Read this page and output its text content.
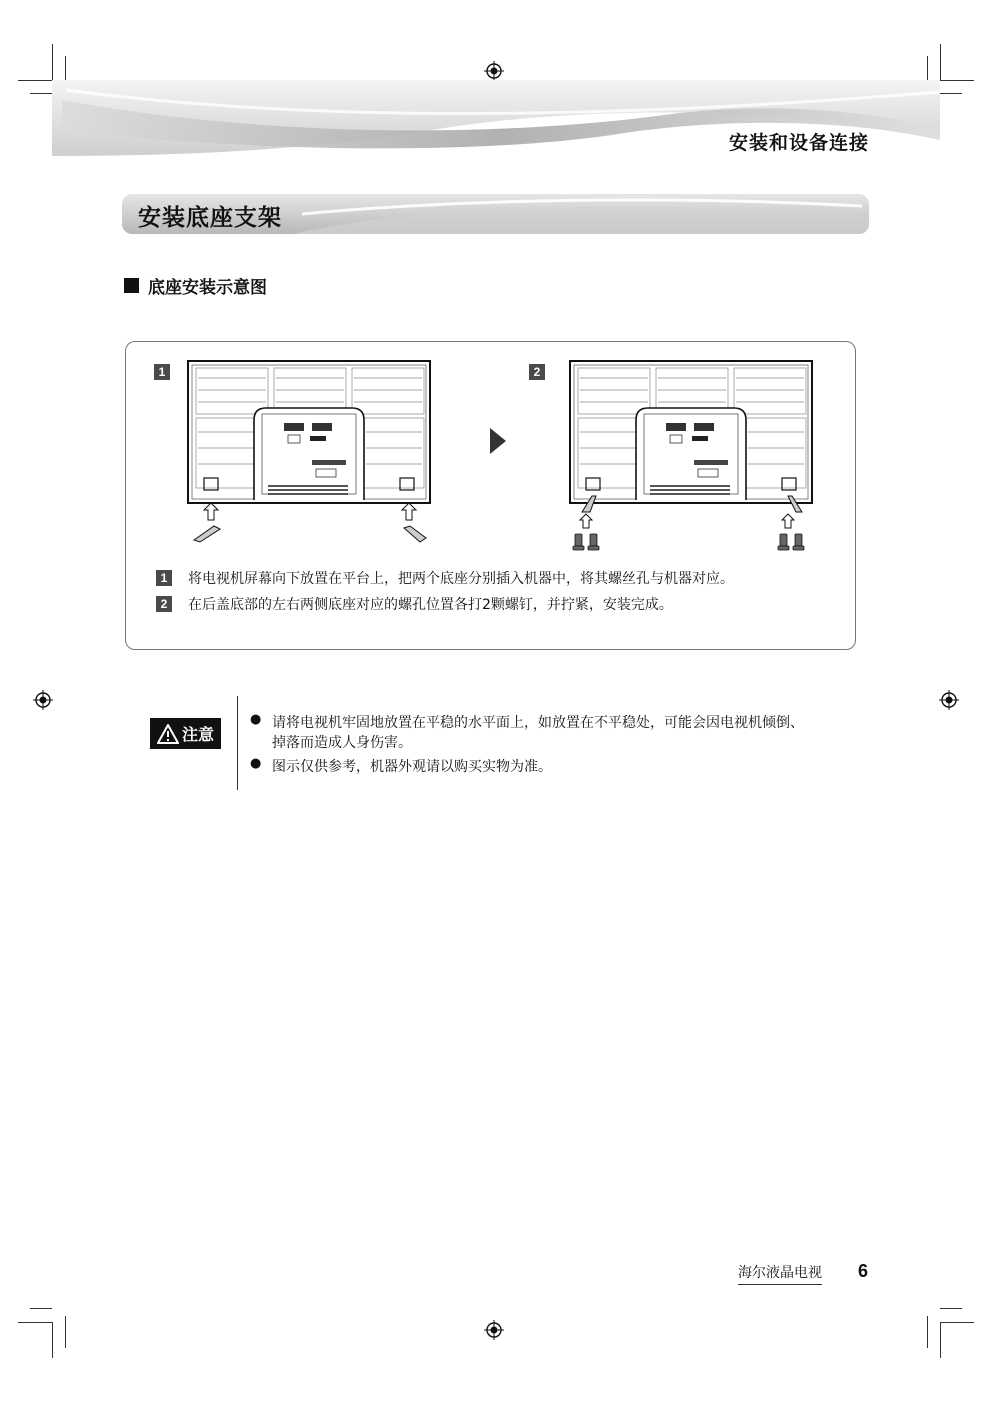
安装和设备连接
安装底座支架
底座安装示意图
1	2
1	将电视机屏幕向下放置在平台上，把两个底座分别插入机器中，将其螺丝孔与机器对应。
2	在后盖底部的左右两侧底座对应的螺孔位置各打2颗螺钉，并拧紧，安装完成。
注意
● 请将电视机牢固地放置在平稳的水平面上，如放置在不平稳处，可能会因电视机倾倒、
掉落而造成人身伤害。
● 图示仅供参考，机器外观请以购买实物为准。
海尔液晶电视 6
